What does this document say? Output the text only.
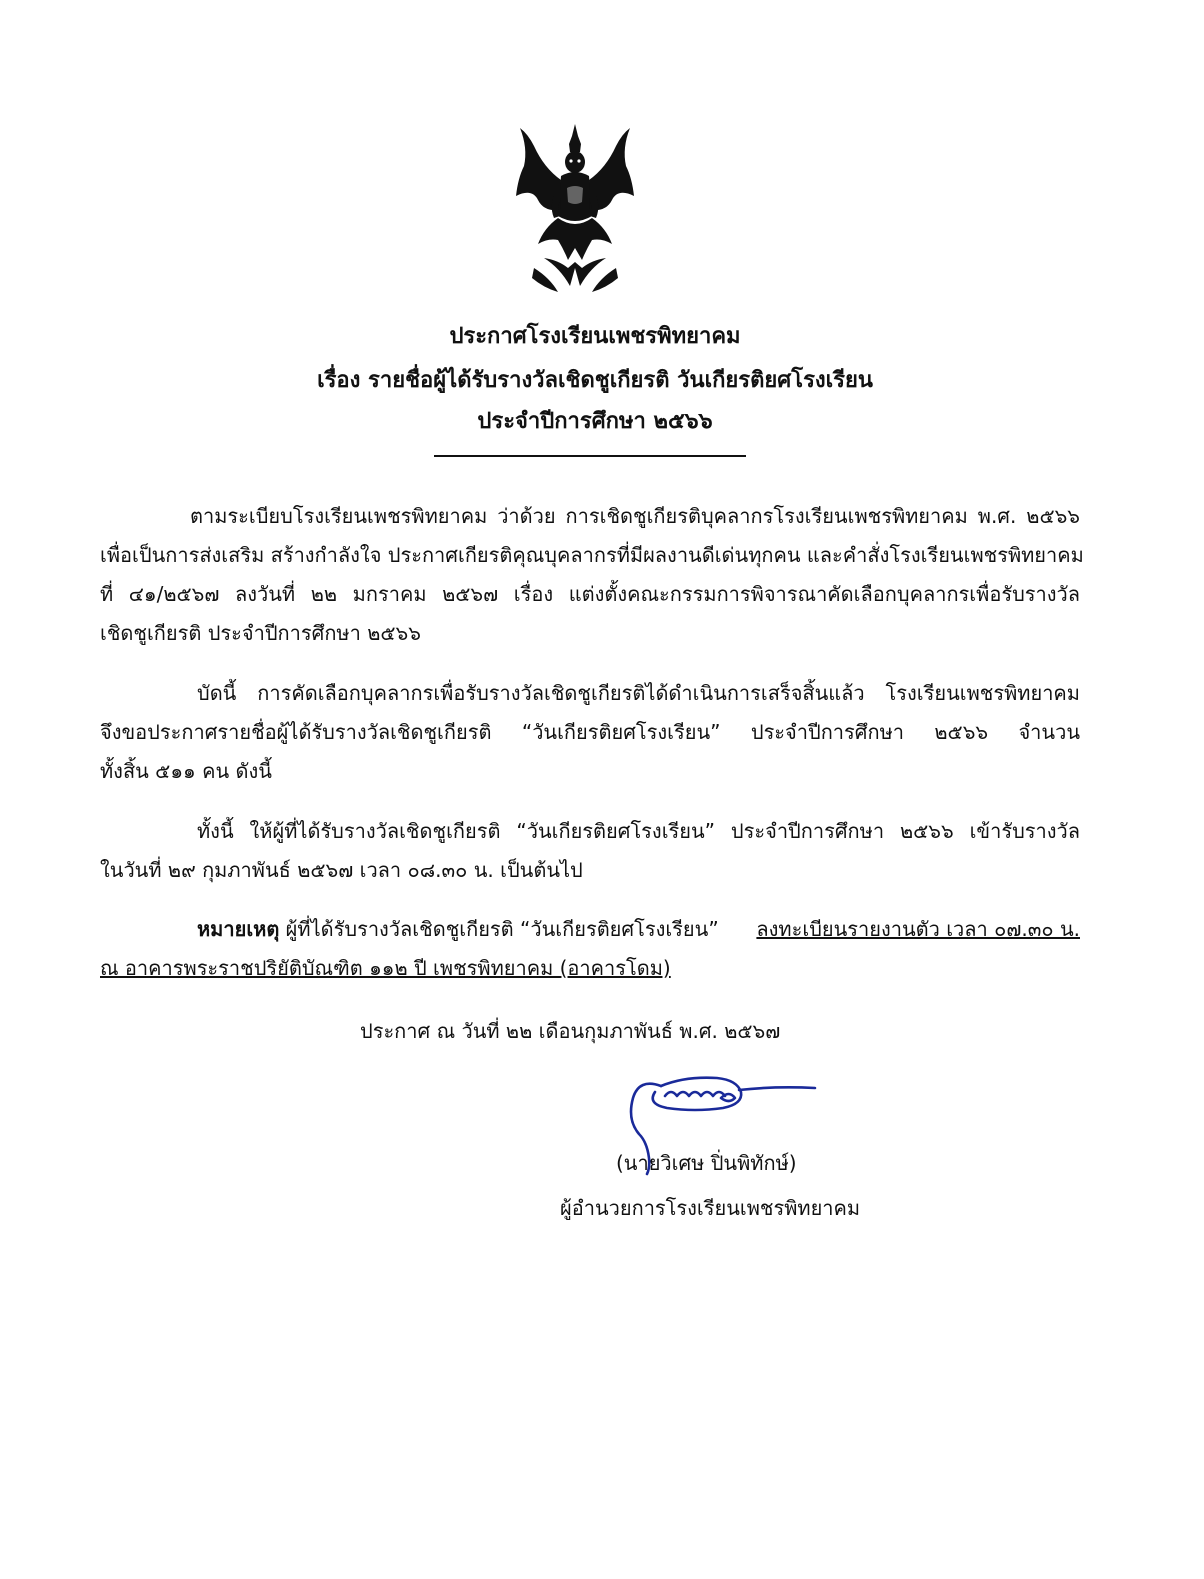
ประกาศโรงเรียนเพชรพิทยาคม
เรื่อง รายชื่อผู้ได้รับรางวัลเชิดชูเกียรติ วันเกียรติยศโรงเรียน
ประจำปีการศึกษา ๒๕๖๖
ตามระเบียบโรงเรียนเพชรพิทยาคม ว่าด้วย การเชิดชูเกียรติบุคลากรโรงเรียนเพชรพิทยาคม พ.ศ. ๒๕๖๖
เพื่อเป็นการส่งเสริม สร้างกำลังใจ ประกาศเกียรติคุณบุคลากรที่มีผลงานดีเด่นทุกคน และคำสั่งโรงเรียนเพชรพิทยาคม
ที่ ๔๑/๒๕๖๗ ลงวันที่ ๒๒ มกราคม ๒๕๖๗ เรื่อง แต่งตั้งคณะกรรมการพิจารณาคัดเลือกบุคลากรเพื่อรับรางวัล
เชิดชูเกียรติ ประจำปีการศึกษา ๒๕๖๖
บัดนี้ การคัดเลือกบุคลากรเพื่อรับรางวัลเชิดชูเกียรติได้ดำเนินการเสร็จสิ้นแล้ว โรงเรียนเพชรพิทยาคม
จึงขอประกาศรายชื่อผู้ได้รับรางวัลเชิดชูเกียรติ “วันเกียรติยศโรงเรียน” ประจำปีการศึกษา ๒๕๖๖ จำนวน
ทั้งสิ้น ๕๑๑ คน ดังนี้
ทั้งนี้ ให้ผู้ที่ได้รับรางวัลเชิดชูเกียรติ “วันเกียรติยศโรงเรียน” ประจำปีการศึกษา ๒๕๖๖ เข้ารับรางวัล
ในวันที่ ๒๙ กุมภาพันธ์ ๒๕๖๗ เวลา ๐๘.๓๐ น. เป็นต้นไป
หมายเหตุ ผู้ที่ได้รับรางวัลเชิดชูเกียรติ “วันเกียรติยศโรงเรียน” ลงทะเบียนรายงานตัว เวลา ๐๗.๓๐ น.
ณ อาคารพระราชปริยัติบัณฑิต ๑๑๒ ปี เพชรพิทยาคม (อาคารโดม)
ประกาศ ณ วันที่ ๒๒ เดือนกุมภาพันธ์ พ.ศ. ๒๕๖๗
(นายวิเศษ ปิ่นพิทักษ์)
ผู้อำนวยการโรงเรียนเพชรพิทยาคม
